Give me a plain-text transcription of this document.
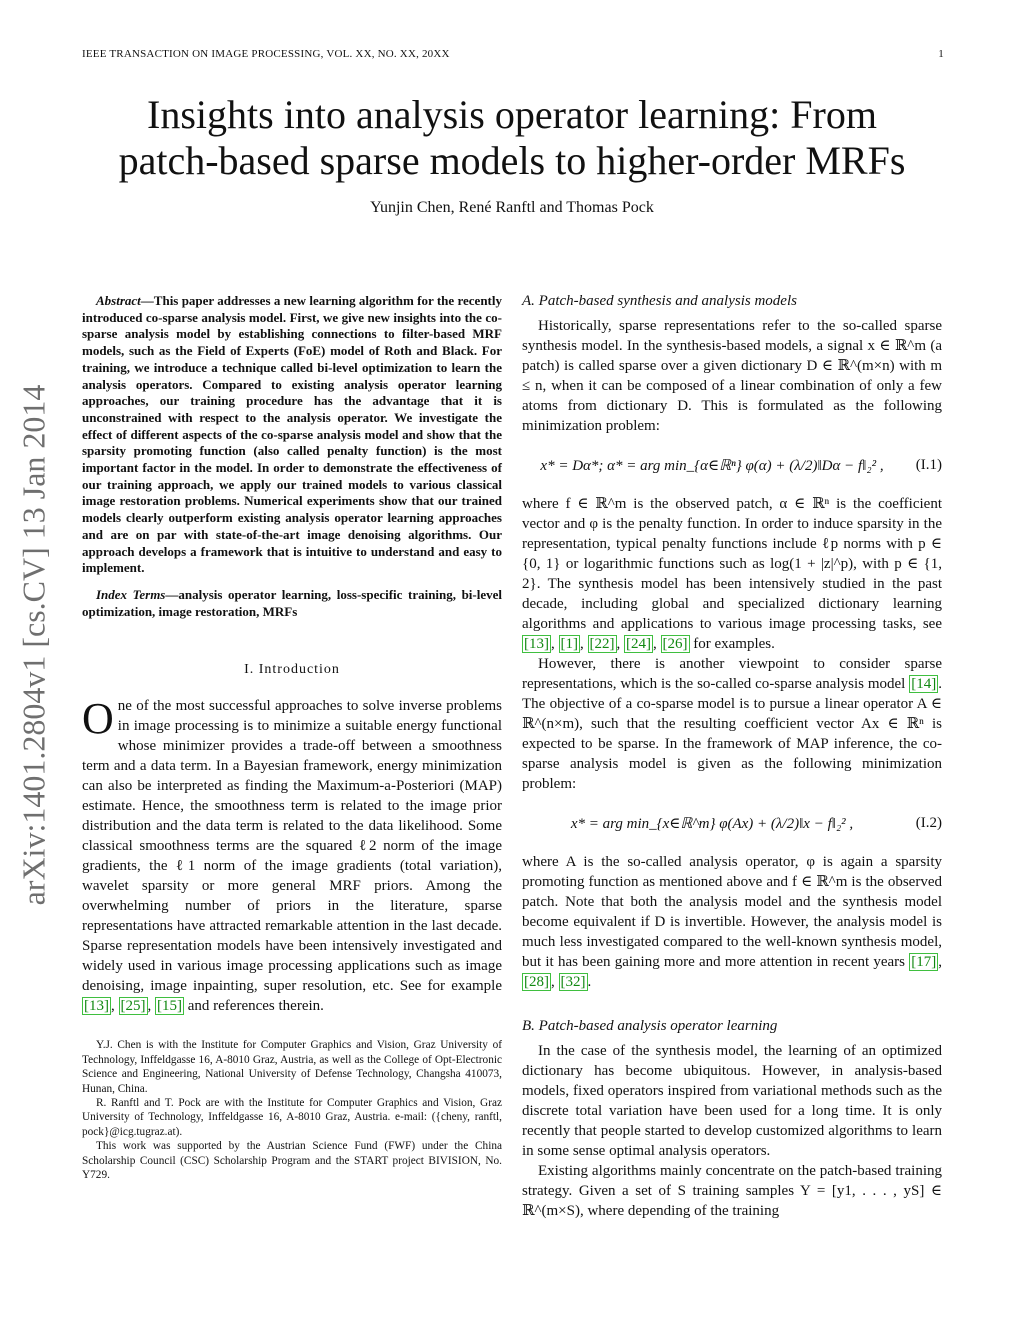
IEEE TRANSACTION ON IMAGE PROCESSING, VOL. XX, NO. XX, 20XX	1
Insights into analysis operator learning: From
patch-based sparse models to higher-order MRFs
Yunjin Chen, René Ranftl and Thomas Pock
arXiv:1401.2804v1 [cs.CV] 13 Jan 2014

Abstract—This paper addresses a new learning algorithm for the recently introduced co-sparse analysis model. First, we give new insights into the co-sparse analysis model by establishing connections to filter-based MRF models, such as the Field of Experts (FoE) model of Roth and Black. For training, we introduce a technique called bi-level optimization to learn the analysis operators. Compared to existing analysis operator learning approaches, our training procedure has the advantage that it is unconstrained with respect to the analysis operator. We investigate the effect of different aspects of the co-sparse analysis model and show that the sparsity promoting function (also called penalty function) is the most important factor in the model. In order to demonstrate the effectiveness of our training approach, we apply our trained models to various classical image restoration problems. Numerical experiments show that our trained models clearly outperform existing analysis operator learning approaches and are on par with state-of-the-art image denoising algorithms. Our approach develops a framework that is intuitive to understand and easy to implement.

Index Terms—analysis operator learning, loss-specific training, bi-level optimization, image restoration, MRFs

I. Introduction

One of the most successful approaches to solve inverse problems in image processing is to minimize a suitable energy functional whose minimizer provides a trade-off between a smoothness term and a data term. In a Bayesian framework, energy minimization can also be interpreted as finding the Maximum-a-Posteriori (MAP) estimate. Hence, the smoothness term is related to the image prior distribution and the data term is related to the data likelihood. Some classical smoothness terms are the squared ℓ2 norm of the image gradients, the ℓ1 norm of the image gradients (total variation), wavelet sparsity or more general MRF priors. Among the overwhelming number of priors in the literature, sparse representations have attracted remarkable attention in the last decade. Sparse representation models have been intensively investigated and widely used in various image processing applications such as image denoising, image inpainting, super resolution, etc. See for example [13] , [25] , [15] and references therein.

Y.J. Chen is with the Institute for Computer Graphics and Vision, Graz University of Technology, Inffeldgasse 16, A-8010 Graz, Austria, as well as the College of Opt-Electronic Science and Engineering, National University of Defense Technology, Changsha 410073, Hunan, China.

R. Ranftl and T. Pock are with the Institute for Computer Graphics and Vision, Graz University of Technology, Inffeldgasse 16, A-8010 Graz, Austria. e-mail: ({cheny, ranftl, pock}@icg.tugraz.at).

This work was supported by the Austrian Science Fund (FWF) under the China Scholarship Council (CSC) Scholarship Program and the START project BIVISION, No. Y729.

A. Patch-based synthesis and analysis models

Historically, sparse representations refer to the so-called sparse synthesis model. In the synthesis-based models, a signal x ∈ ℝ^m (a patch) is called sparse over a given dictionary D ∈ ℝ^(m×n) with m ≤ n, when it can be composed of a linear combination of only a few atoms from dictionary D. This is formulated as the following minimization problem:

x* = Dα*; α* = arg min_{α∈ℝⁿ} φ(α) + (λ/2)‖Dα − f‖₂² ,	(I.1)

where f ∈ ℝ^m is the observed patch, α ∈ ℝⁿ is the coefficient vector and φ is the penalty function. In order to induce sparsity in the representation, typical penalty functions include ℓp norms with p ∈ {0, 1} or logarithmic functions such as log(1 + |z|^p), with p ∈ {1, 2}. The synthesis model has been intensively studied in the past decade, including global and specialized dictionary learning algorithms and applications to various image processing tasks, see [13] , [1] , [22] , [24] , [26] for examples.

However, there is another viewpoint to consider sparse representations, which is the so-called co-sparse analysis model [14] . The objective of a co-sparse model is to pursue a linear operator A ∈ ℝ^(n×m), such that the resulting coefficient vector Ax ∈ ℝⁿ is expected to be sparse. In the framework of MAP inference, the co-sparse analysis model is given as the following minimization problem:

x* = arg min_{x∈ℝ^m} φ(Ax) + (λ/2)‖x − f‖₂² ,	(I.2)

where A is the so-called analysis operator, φ is again a sparsity promoting function as mentioned above and f ∈ ℝ^m is the observed patch. Note that both the analysis model and the synthesis model become equivalent if D is invertible. However, the analysis model is much less investigated compared to the well-known synthesis model, but it has been gaining more and more attention in recent years [17] , [28] , [32] .

B. Patch-based analysis operator learning

In the case of the synthesis model, the learning of an optimized dictionary has become ubiquitous. However, in analysis-based models, fixed operators inspired from variational methods such as the discrete total variation have been used for a long time. It is only recently that people started to develop customized algorithms to learn in some sense optimal analysis operators.

Existing algorithms mainly concentrate on the patch-based training strategy. Given a set of S training samples Y = [y1, . . . , yS] ∈ ℝ^(m×S), where depending of the training
